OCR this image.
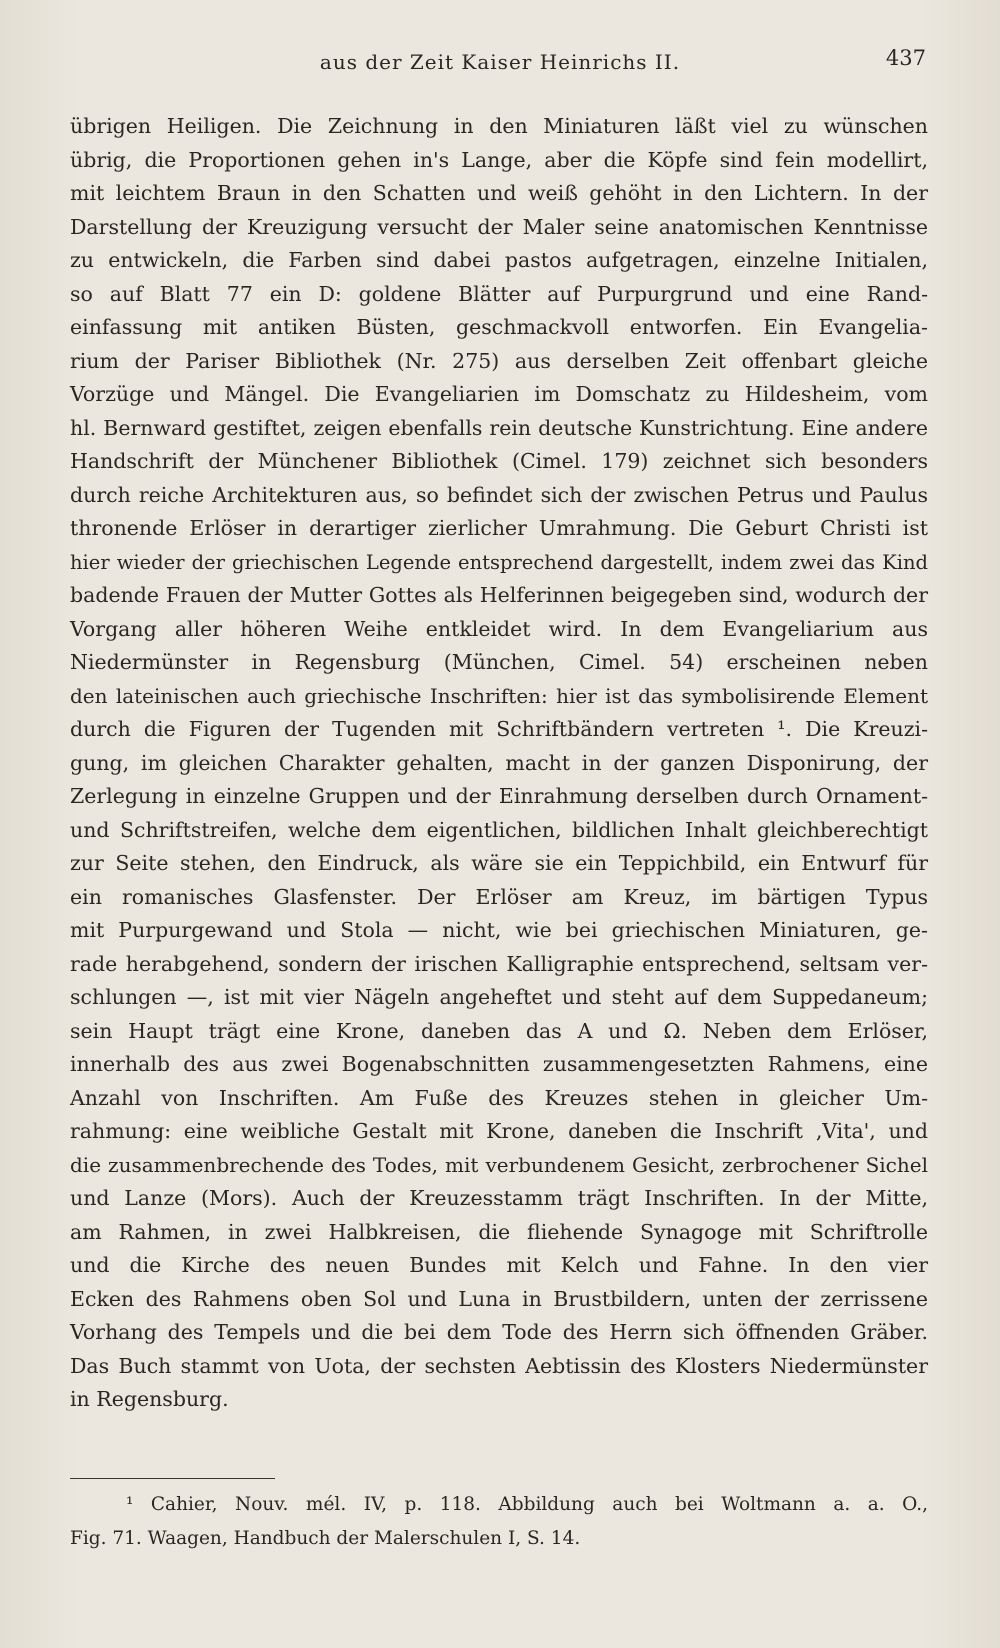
aus der Zeit Kaiser Heinrichs II.	437
übrigen Heiligen. Die Zeichnung in den Miniaturen läßt viel zu wünschen
übrig, die Proportionen gehen in's Lange, aber die Köpfe sind fein modellirt,
mit leichtem Braun in den Schatten und weiß gehöht in den Lichtern. In der
Darstellung der Kreuzigung versucht der Maler seine anatomischen Kenntnisse
zu entwickeln, die Farben sind dabei pastos aufgetragen, einzelne Initialen,
so auf Blatt 77 ein D: goldene Blätter auf Purpurgrund und eine Rand-
einfassung mit antiken Büsten, geschmackvoll entworfen. Ein Evangelia-
rium der Pariser Bibliothek (Nr. 275) aus derselben Zeit offenbart gleiche
Vorzüge und Mängel. Die Evangeliarien im Domschatz zu Hildesheim, vom
hl. Bernward gestiftet, zeigen ebenfalls rein deutsche Kunstrichtung. Eine andere
Handschrift der Münchener Bibliothek (Cimel. 179) zeichnet sich besonders
durch reiche Architekturen aus, so befindet sich der zwischen Petrus und Paulus
thronende Erlöser in derartiger zierlicher Umrahmung. Die Geburt Christi ist
hier wieder der griechischen Legende entsprechend dargestellt, indem zwei das Kind
badende Frauen der Mutter Gottes als Helferinnen beigegeben sind, wodurch der
Vorgang aller höheren Weihe entkleidet wird. In dem Evangeliarium aus
Niedermünster in Regensburg (München, Cimel. 54) erscheinen neben
den lateinischen auch griechische Inschriften: hier ist das symbolisirende Element
durch die Figuren der Tugenden mit Schriftbändern vertreten ¹. Die Kreuzi-
gung, im gleichen Charakter gehalten, macht in der ganzen Disponirung, der
Zerlegung in einzelne Gruppen und der Einrahmung derselben durch Ornament-
und Schriftstreifen, welche dem eigentlichen, bildlichen Inhalt gleichberechtigt
zur Seite stehen, den Eindruck, als wäre sie ein Teppichbild, ein Entwurf für
ein romanisches Glasfenster. Der Erlöser am Kreuz, im bärtigen Typus
mit Purpurgewand und Stola — nicht, wie bei griechischen Miniaturen, ge-
rade herabgehend, sondern der irischen Kalligraphie entsprechend, seltsam ver-
schlungen —, ist mit vier Nägeln angeheftet und steht auf dem Suppedaneum;
sein Haupt trägt eine Krone, daneben das Α und Ω. Neben dem Erlöser,
innerhalb des aus zwei Bogenabschnitten zusammengesetzten Rahmens, eine
Anzahl von Inschriften. Am Fuße des Kreuzes stehen in gleicher Um-
rahmung: eine weibliche Gestalt mit Krone, daneben die Inschrift ‚Vita', und
die zusammenbrechende des Todes, mit verbundenem Gesicht, zerbrochener Sichel
und Lanze (Mors). Auch der Kreuzesstamm trägt Inschriften. In der Mitte,
am Rahmen, in zwei Halbkreisen, die fliehende Synagoge mit Schriftrolle
und die Kirche des neuen Bundes mit Kelch und Fahne. In den vier
Ecken des Rahmens oben Sol und Luna in Brustbildern, unten der zerrissene
Vorhang des Tempels und die bei dem Tode des Herrn sich öffnenden Gräber.
Das Buch stammt von Uota, der sechsten Aebtissin des Klosters Niedermünster
in Regensburg.
¹ Cahier, Nouv. mél. IV, p. 118. Abbildung auch bei Woltmann a. a. O.,
Fig. 71. Waagen, Handbuch der Malerschulen I, S. 14.
